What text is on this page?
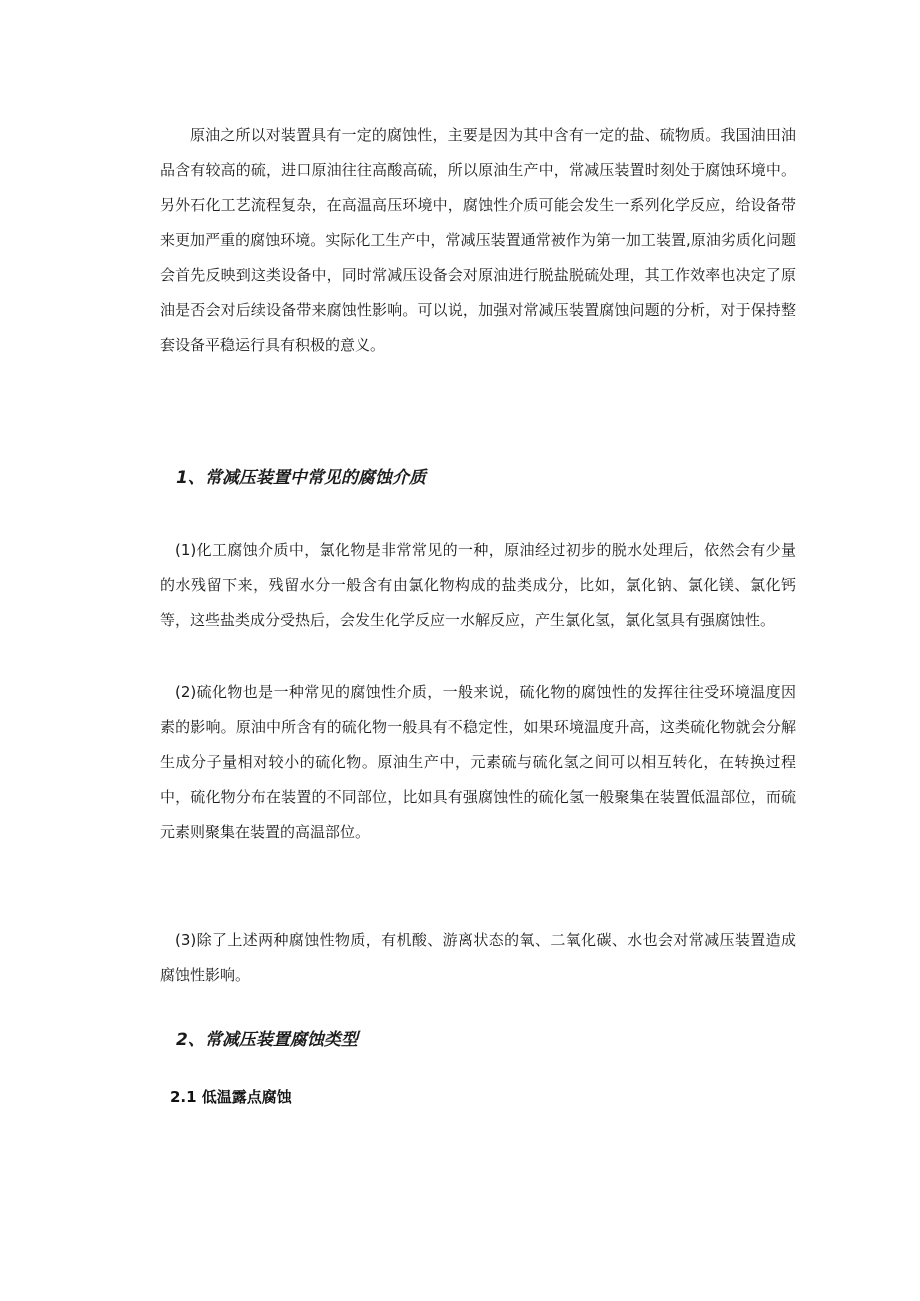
原油之所以对装置具有一定的腐蚀性，主要是因为其中含有一定的盐、硫物质。我国油田油品含有较高的硫，进口原油往往高酸高硫，所以原油生产中，常减压装置时刻处于腐蚀环境中。另外石化工艺流程复杂，在高温高压环境中，腐蚀性介质可能会发生一系列化学反应，给设备带来更加严重的腐蚀环境。实际化工生产中，常减压装置通常被作为第一加工装置,原油劣质化问题会首先反映到这类设备中，同时常减压设备会对原油进行脱盐脱硫处理，其工作效率也决定了原油是否会对后续设备带来腐蚀性影响。可以说，加强对常减压装置腐蚀问题的分析，对于保持整套设备平稳运行具有积极的意义。

1、常减压装置中常见的腐蚀介质

(1)化工腐蚀介质中，氯化物是非常常见的一种，原油经过初步的脱水处理后，依然会有少量的水残留下来，残留水分一般含有由氯化物构成的盐类成分，比如，氯化钠、氯化镁、氯化钙等，这些盐类成分受热后，会发生化学反应一水解反应，产生氯化氢，氯化氢具有强腐蚀性。

(2)硫化物也是一种常见的腐蚀性介质，一般来说，硫化物的腐蚀性的发挥往往受环境温度因素的影响。原油中所含有的硫化物一般具有不稳定性，如果环境温度升高，这类硫化物就会分解生成分子量相对较小的硫化物。原油生产中，元素硫与硫化氢之间可以相互转化，在转换过程中，硫化物分布在装置的不同部位，比如具有强腐蚀性的硫化氢一般聚集在装置低温部位，而硫元素则聚集在装置的高温部位。

(3)除了上述两种腐蚀性物质，有机酸、游离状态的氧、二氧化碳、水也会对常减压装置造成腐蚀性影响。

2、常减压装置腐蚀类型
2.1 低温露点腐蚀
